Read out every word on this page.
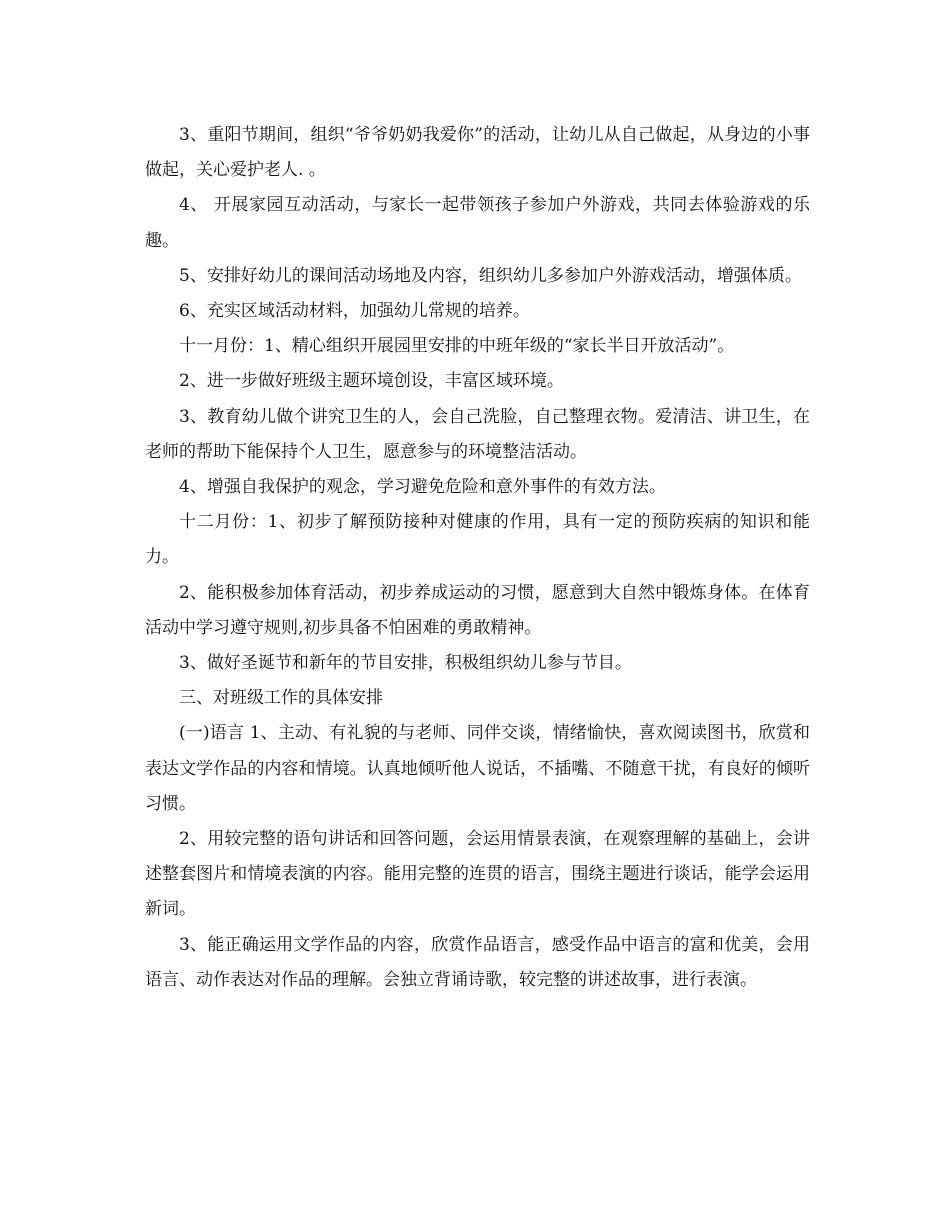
3、重阳节期间，组织“爷爷奶奶我爱你”的活动，让幼儿从自己做起，从身边的小事做起，关心爱护老人. 。

4、 开展家园互动活动，与家长一起带领孩子参加户外游戏，共同去体验游戏的乐趣。

5、安排好幼儿的课间活动场地及内容，组织幼儿多参加户外游戏活动，增强体质。

6、充实区域活动材料，加强幼儿常规的培养。

十一月份：1、精心组织开展园里安排的中班年级的“家长半日开放活动”。

2、进一步做好班级主题环境创设，丰富区域环境。

3、教育幼儿做个讲究卫生的人，会自己洗脸，自己整理衣物。爱清洁、讲卫生，在老师的帮助下能保持个人卫生，愿意参与的环境整洁活动。

4、增强自我保护的观念，学习避免危险和意外事件的有效方法。

十二月份：1、初步了解预防接种对健康的作用，具有一定的预防疾病的知识和能力。

2、能积极参加体育活动，初步养成运动的习惯，愿意到大自然中锻炼身体。在体育活动中学习遵守规则,初步具备不怕困难的勇敢精神。

3、做好圣诞节和新年的节目安排，积极组织幼儿参与节目。

三、对班级工作的具体安排

(一)语言 1、主动、有礼貌的与老师、同伴交谈，情绪愉快，喜欢阅读图书，欣赏和表达文学作品的内容和情境。认真地倾听他人说话，不插嘴、不随意干扰，有良好的倾听习惯。

2、用较完整的语句讲话和回答问题，会运用情景表演，在观察理解的基础上，会讲述整套图片和情境表演的内容。能用完整的连贯的语言，围绕主题进行谈话，能学会运用新词。

3、能正确运用文学作品的内容，欣赏作品语言，感受作品中语言的富和优美，会用语言、动作表达对作品的理解。会独立背诵诗歌，较完整的讲述故事，进行表演。
